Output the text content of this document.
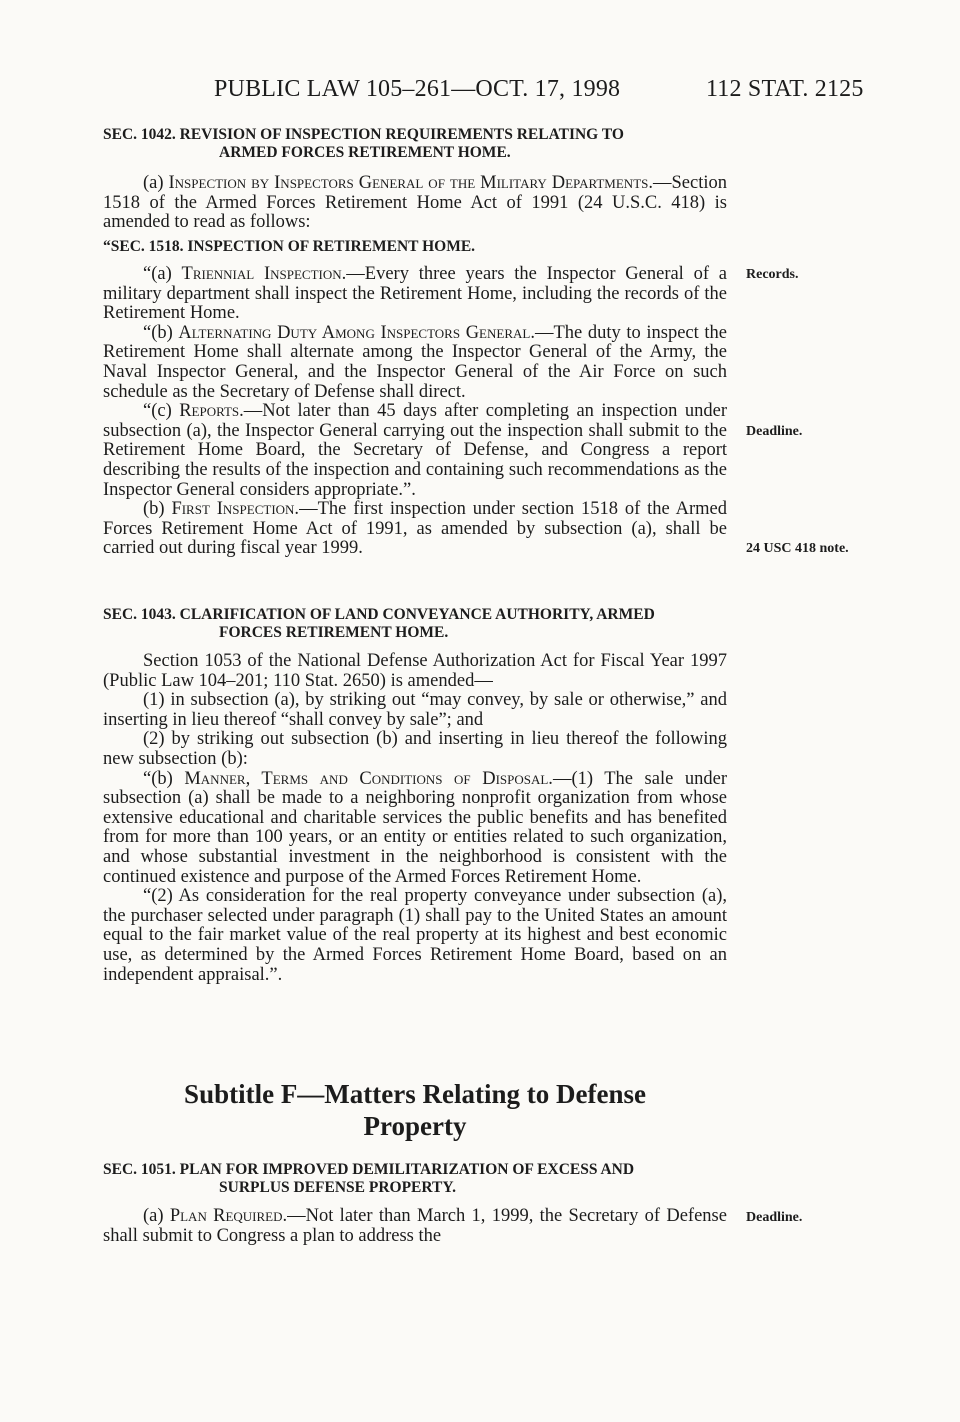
PUBLIC LAW 105–261—OCT. 17, 1998	112 STAT. 2125

SEC. 1042. REVISION OF INSPECTION REQUIREMENTS RELATING TO
ARMED FORCES RETIREMENT HOME.

(a) Inspection by Inspectors General of the Military Departments.—Section 1518 of the Armed Forces Retirement Home Act of 1991 (24 U.S.C. 418) is amended to read as follows:

“SEC. 1518. INSPECTION OF RETIREMENT HOME.

“(a) Triennial Inspection.—Every three years the Inspector General of a military department shall inspect the Retirement Home, including the records of the Retirement Home.

“(b) Alternating Duty Among Inspectors General.—The duty to inspect the Retirement Home shall alternate among the Inspector General of the Army, the Naval Inspector General, and the Inspector General of the Air Force on such schedule as the Secretary of Defense shall direct.

“(c) Reports.—Not later than 45 days after completing an inspection under subsection (a), the Inspector General carrying out the inspection shall submit to the Retirement Home Board, the Secretary of Defense, and Congress a report describing the results of the inspection and containing such recommendations as the Inspector General considers appropriate.”.

(b) First Inspection.—The first inspection under section 1518 of the Armed Forces Retirement Home Act of 1991, as amended by subsection (a), shall be carried out during fiscal year 1999.

SEC. 1043. CLARIFICATION OF LAND CONVEYANCE AUTHORITY, ARMED
FORCES RETIREMENT HOME.

Section 1053 of the National Defense Authorization Act for Fiscal Year 1997 (Public Law 104–201; 110 Stat. 2650) is amended—

(1) in subsection (a), by striking out “may convey, by sale or otherwise,” and inserting in lieu thereof “shall convey by sale”; and

(2) by striking out subsection (b) and inserting in lieu thereof the following new subsection (b):

“(b) Manner, Terms and Conditions of Disposal.—(1) The sale under subsection (a) shall be made to a neighboring nonprofit organization from whose extensive educational and charitable services the public benefits and has benefited from for more than 100 years, or an entity or entities related to such organization, and whose substantial investment in the neighborhood is consistent with the continued existence and purpose of the Armed Forces Retirement Home.

“(2) As consideration for the real property conveyance under subsection (a), the purchaser selected under paragraph (1) shall pay to the United States an amount equal to the fair market value of the real property at its highest and best economic use, as determined by the Armed Forces Retirement Home Board, based on an independent appraisal.”.

Subtitle F—Matters Relating to Defense
Property

SEC. 1051. PLAN FOR IMPROVED DEMILITARIZATION OF EXCESS AND
SURPLUS DEFENSE PROPERTY.

(a) Plan Required.—Not later than March 1, 1999, the Secretary of Defense shall submit to Congress a plan to address the

Records.
Deadline.
24 USC 418 note.
Deadline.
